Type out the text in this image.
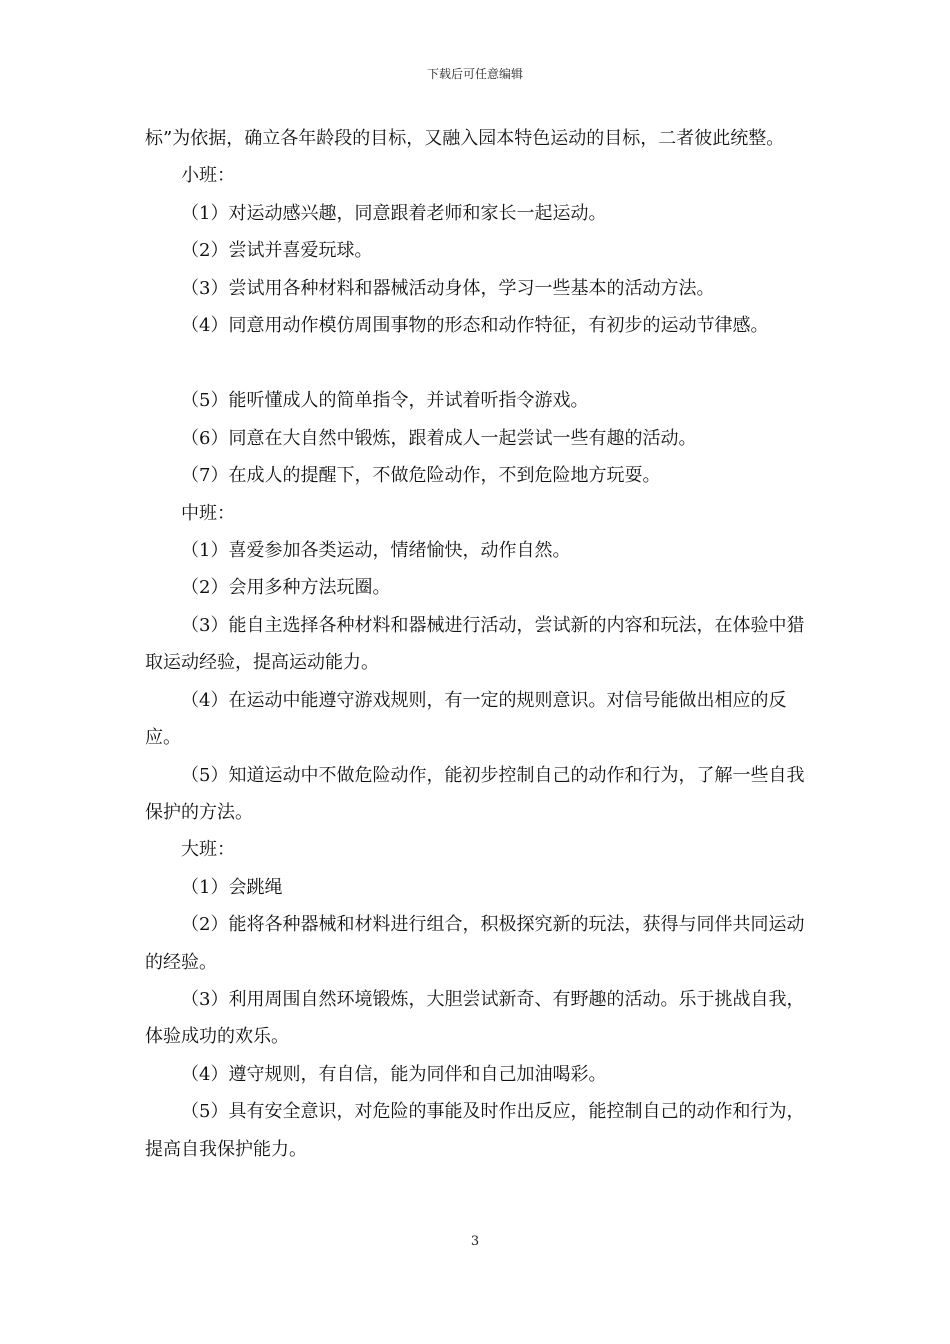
下载后可任意编辑

标”为依据，确立各年龄段的目标，又融入园本特色运动的目标，二者彼此统整。

小班：

（1）对运动感兴趣，同意跟着老师和家长一起运动。

（2）尝试并喜爱玩球。

（3）尝试用各种材料和器械活动身体，学习一些基本的活动方法。

（4）同意用动作模仿周围事物的形态和动作特征，有初步的运动节律感。

（5）能听懂成人的简单指令，并试着听指令游戏。

（6）同意在大自然中锻炼，跟着成人一起尝试一些有趣的活动。

（7）在成人的提醒下，不做危险动作，不到危险地方玩耍。

中班：

（1）喜爱参加各类运动，情绪愉快，动作自然。

（2）会用多种方法玩圈。

（3）能自主选择各种材料和器械进行活动，尝试新的内容和玩法，在体验中猎取运动经验，提高运动能力。

（4）在运动中能遵守游戏规则，有一定的规则意识。对信号能做出相应的反应。

（5）知道运动中不做危险动作，能初步控制自己的动作和行为，了解一些自我保护的方法。

大班：

（1）会跳绳

（2）能将各种器械和材料进行组合，积极探究新的玩法，获得与同伴共同运动的经验。

（3）利用周围自然环境锻炼，大胆尝试新奇、有野趣的活动。乐于挑战自我，体验成功的欢乐。

（4）遵守规则，有自信，能为同伴和自己加油喝彩。

（5）具有安全意识，对危险的事能及时作出反应，能控制自己的动作和行为，提高自我保护能力。

3
